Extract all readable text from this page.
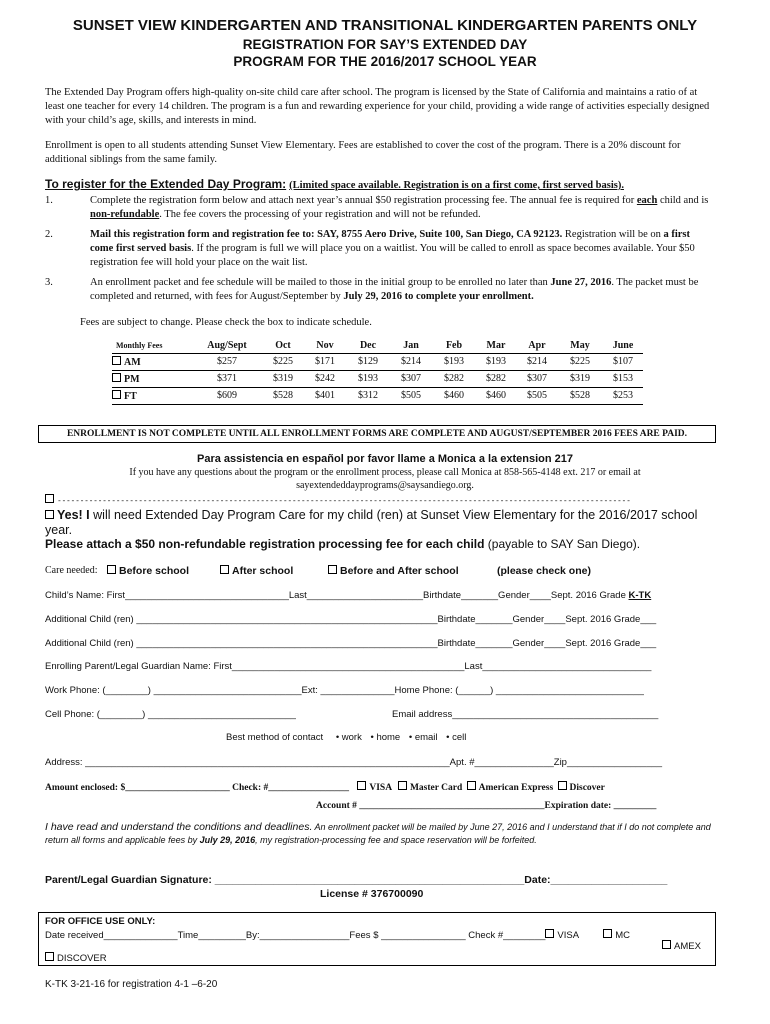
SUNSET VIEW KINDERGARTEN AND TRANSITIONAL KINDERGARTEN PARENTS ONLY
REGISTRATION FOR SAY’S EXTENDED DAY
PROGRAM FOR THE 2016/2017 SCHOOL YEAR
The Extended Day Program offers high-quality on-site child care after school. The program is licensed by the State of California and maintains a ratio of at least one teacher for every 14 children. The program is a fun and rewarding experience for your child, providing a wide range of activities especially designed with your child’s age, skills, and interests in mind.
Enrollment is open to all students attending Sunset View Elementary. Fees are established to cover the cost of the program. There is a 20% discount for additional siblings from the same family.
To register for the Extended Day Program: (Limited space available. Registration is on a first come, first served basis).
1.	Complete the registration form below and attach next year’s annual $50 registration processing fee. The annual fee is required for each child and is non-refundable. The fee covers the processing of your registration and will not be refunded.
2.	Mail this registration form and registration fee to: SAY, 8755 Aero Drive, Suite 100, San Diego, CA 92123. Registration will be on a first come first served basis. If the program is full we will place you on a waitlist. You will be called to enroll as space becomes available. Your $50 registration fee will hold your place on the wait list.
3.	An enrollment packet and fee schedule will be mailed to those in the initial group to be enrolled no later than June 27, 2016. The packet must be completed and returned, with fees for August/September by July 29, 2016 to complete your enrollment.
Fees are subject to change. Please check the box to indicate schedule.
Monthly Fees	Aug/Sept	Oct	Nov	Dec	Jan	Feb	Mar	Apr	May	June
AM	$257	$225	$171	$129	$214	$193	$193	$214	$225	$107
PM	$371	$319	$242	$193	$307	$282	$282	$307	$319	$153
FT	$609	$528	$401	$312	$505	$460	$460	$505	$528	$253
ENROLLMENT IS NOT COMPLETE UNTIL ALL ENROLLMENT FORMS ARE COMPLETE AND AUGUST/SEPTEMBER 2016 FEES ARE PAID.
Para assistencia en español por favor llame a Monica a la extension 217
If you have any questions about the program or the enrollment process, please call Monica at 858-565-4148 ext. 217 or email at
sayextendeddayprograms@saysandiego.org.
-------------------------------------------------------------------------------------------------------------------------------
Yes! I will need Extended Day Program Care for my child (ren) at Sunset View Elementary for the 2016/2017 school year.
Please attach a $50 non-refundable registration processing fee for each child (payable to SAY San Diego).
Care needed:	Before school	After school	Before and After school	(please check one)
Child’s Name: First_______________________________Last______________________Birthdate_______Gender____Sept. 2016 Grade K-TK
Additional Child (ren) _________________________________________________________Birthdate_______Gender____Sept. 2016 Grade___
Additional Child (ren) _________________________________________________________Birthdate_______Gender____Sept. 2016 Grade___
Enrolling Parent/Legal Guardian Name: First____________________________________________Last________________________________
Work Phone: (________) ____________________________Ext: ______________Home Phone: (______) ____________________________
Cell Phone: (________) ____________________________	Email address_______________________________________
Best method of contact • work • home • email • cell
Address: _____________________________________________________________________Apt. #_______________Zip__________________
Amount enclosed: $______________________ Check: #_________________ VISA Master Card American Express Discover
Account # _______________________________________Expiration date: _________
I have read and understand the conditions and deadlines. An enrollment packet will be mailed by June 27, 2016 and I understand that if I do not complete and return all forms and applicable fees by July 29, 2016, my registration-processing fee and space reservation will be forfeited.
Parent/Legal Guardian Signature: _____________________________________________________Date:____________________
License # 376700090
FOR OFFICE USE ONLY:
Date received______________Time_________By:_________________Fees $ ________________ Check #________ VISA	MC
AMEX
DISCOVER
K-TK 3-21-16 for registration 4-1 –6-20
